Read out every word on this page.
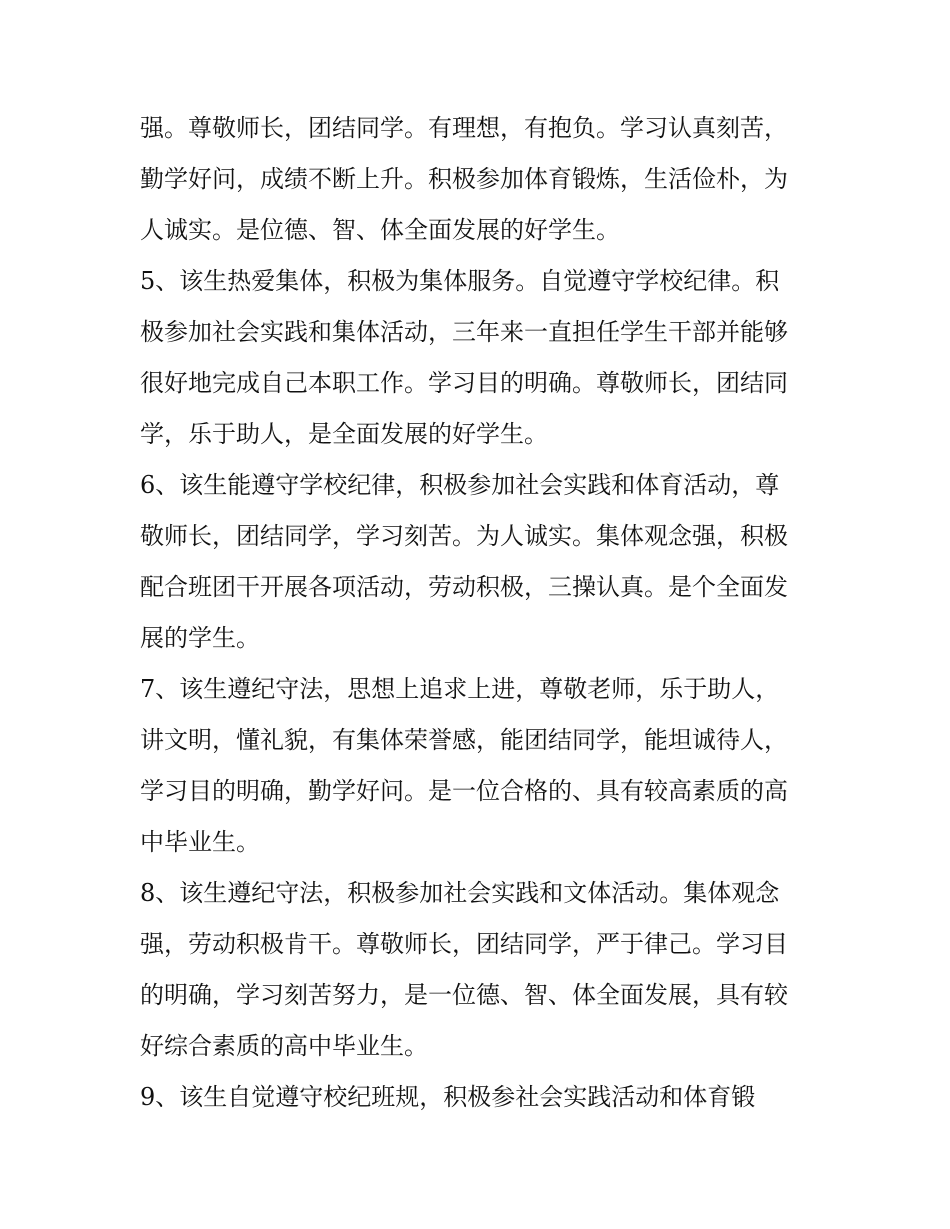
强。尊敬师长，团结同学。有理想，有抱负。学习认真刻苦，
勤学好问，成绩不断上升。积极参加体育锻炼，生活俭朴，为
人诚实。是位德、智、体全面发展的好学生。
5、该生热爱集体，积极为集体服务。自觉遵守学校纪律。积
极参加社会实践和集体活动，三年来一直担任学生干部并能够
很好地完成自己本职工作。学习目的明确。尊敬师长，团结同
学，乐于助人，是全面发展的好学生。
6、该生能遵守学校纪律，积极参加社会实践和体育活动，尊
敬师长，团结同学，学习刻苦。为人诚实。集体观念强，积极
配合班团干开展各项活动，劳动积极，三操认真。是个全面发
展的学生。
7、该生遵纪守法，思想上追求上进，尊敬老师，乐于助人，
讲文明，懂礼貌，有集体荣誉感，能团结同学，能坦诚待人，
学习目的明确，勤学好问。是一位合格的、具有较高素质的高
中毕业生。
8、该生遵纪守法，积极参加社会实践和文体活动。集体观念
强，劳动积极肯干。尊敬师长，团结同学，严于律己。学习目
的明确，学习刻苦努力，是一位德、智、体全面发展，具有较
好综合素质的高中毕业生。
9、该生自觉遵守校纪班规，积极参社会实践活动和体育锻
